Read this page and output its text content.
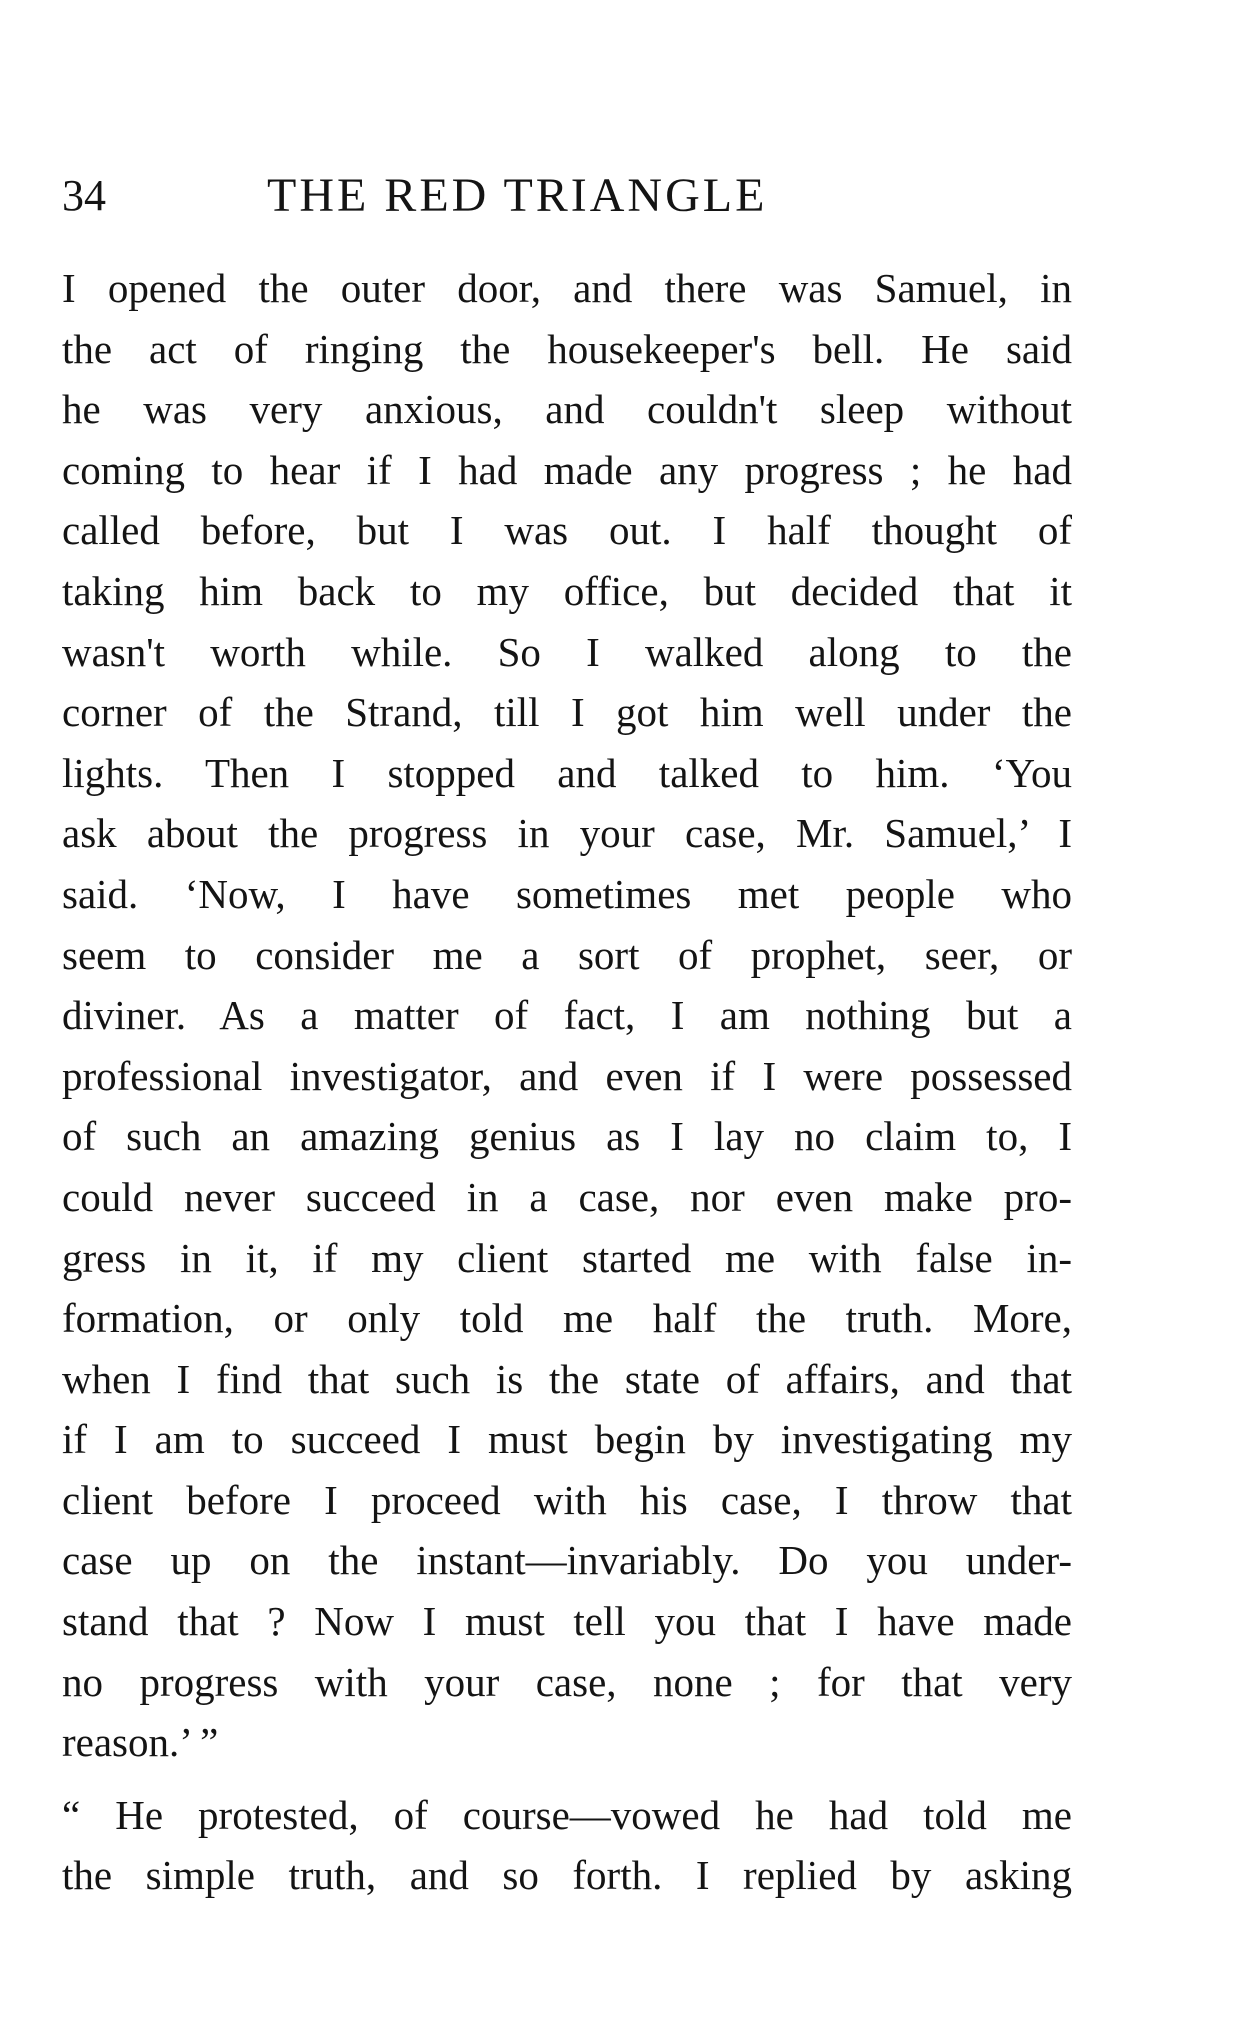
34	THE RED TRIANGLE
I opened the outer door, and there was Samuel, in
the act of ringing the housekeeper's bell. He said
he was very anxious, and couldn't sleep without
coming to hear if I had made any progress ; he had
called before, but I was out. I half thought of
taking him back to my office, but decided that it
wasn't worth while. So I walked along to the
corner of the Strand, till I got him well under the
lights. Then I stopped and talked to him. ‘You
ask about the progress in your case, Mr. Samuel,’ I
said. ‘Now, I have sometimes met people who
seem to consider me a sort of prophet, seer, or
diviner. As a matter of fact, I am nothing but a
professional investigator, and even if I were possessed
of such an amazing genius as I lay no claim to, I
could never succeed in a case, nor even make pro-
gress in it, if my client started me with false in-
formation, or only told me half the truth. More,
when I find that such is the state of affairs, and that
if I am to succeed I must begin by investigating my
client before I proceed with his case, I throw that
case up on the instant—invariably. Do you under-
stand that ? Now I must tell you that I have made
no progress with your case, none ; for that very
reason.’ ”
“ He protested, of course—vowed he had told me
the simple truth, and so forth. I replied by asking
